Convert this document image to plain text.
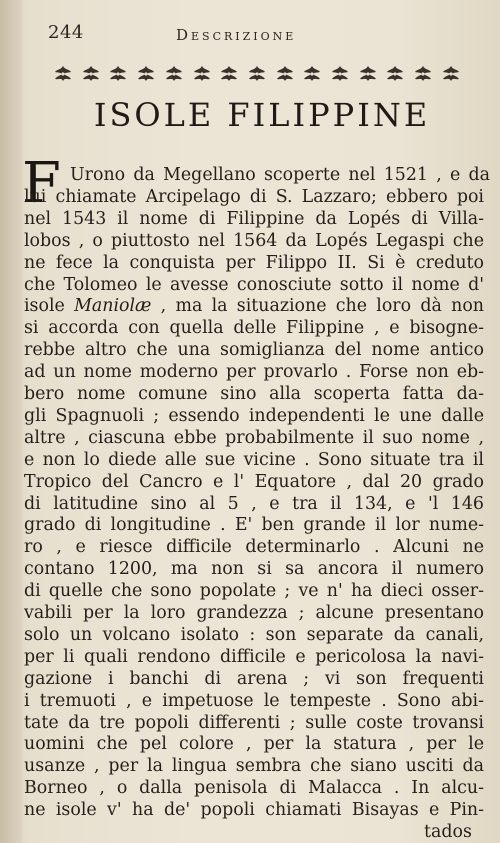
244	Descrizione
ISOLE FILIPPINE
F Urono da Megellano scoperte nel 1521 , e da
lui chiamate Arcipelago di S. Lazzaro; ebbero poi
nel 1543 il nome di Filippine da Lopés di Villa-
lobos , o piuttosto nel 1564 da Lopés Legaspi che
ne fece la conquista per Filippo II. Si è creduto
che Tolomeo le avesse conosciute sotto il nome d'
isole Maniolæ , ma la situazione che loro dà non
si accorda con quella delle Filippine , e bisogne-
rebbe altro che una somiglianza del nome antico
ad un nome moderno per provarlo . Forse non eb-
bero nome comune sino alla scoperta fatta da-
gli Spagnuoli ; essendo independenti le une dalle
altre , ciascuna ebbe probabilmente il suo nome ,
e non lo diede alle sue vicine . Sono situate tra il
Tropico del Cancro e l' Equatore , dal 20 grado
di latitudine sino al 5 , e tra il 134, e 'l 146
grado di longitudine . E' ben grande il lor nume-
ro , e riesce difficile determinarlo . Alcuni ne
contano 1200, ma non si sa ancora il numero
di quelle che sono popolate ; ve n' ha dieci osser-
vabili per la loro grandezza ; alcune presentano
solo un volcano isolato : son separate da canali,
per li quali rendono difficile e pericolosa la navi-
gazione i banchi di arena ; vi son frequenti
i tremuoti , e impetuose le tempeste . Sono abi-
tate da tre popoli differenti ; sulle coste trovansi
uomini che pel colore , per la statura , per le
usanze , per la lingua sembra che siano usciti da
Borneo , o dalla penisola di Malacca . In alcu-
ne isole v' ha de' popoli chiamati Bisayas e Pin-
tados
